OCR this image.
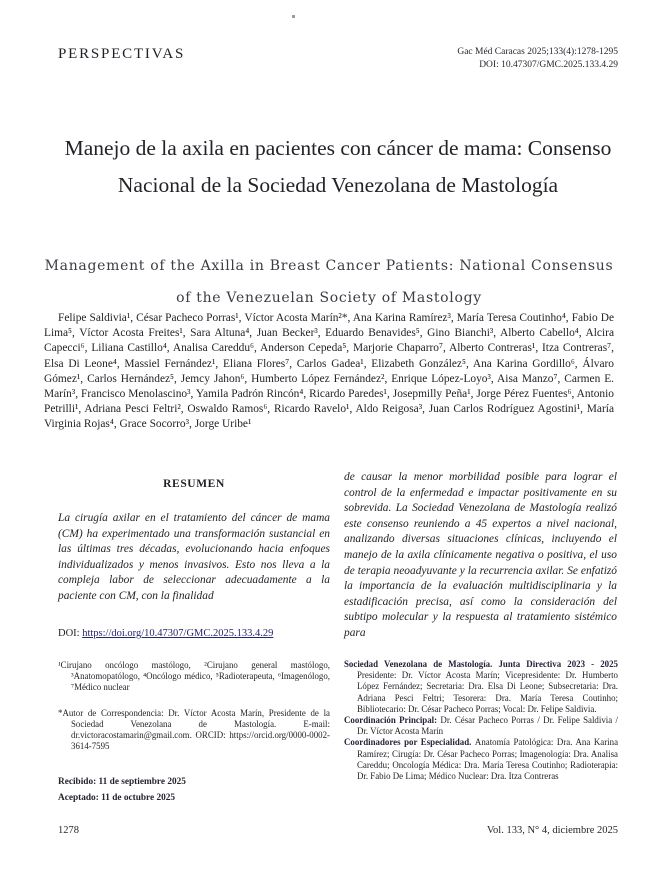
PERSPECTIVAS	Gac Méd Caracas 2025;133(4):1278-1295
DOI: 10.47307/GMC.2025.133.4.29
Manejo de la axila en pacientes con cáncer de mama: Consenso Nacional de la Sociedad Venezolana de Mastología
Management of the Axilla in Breast Cancer Patients: National Consensus of the Venezuelan Society of Mastology
Felipe Saldivia¹, César Pacheco Porras¹, Víctor Acosta Marín²*, Ana Karina Ramírez³, María Teresa Coutinho⁴, Fabio De Lima⁵, Víctor Acosta Freites¹, Sara Altuna⁴, Juan Becker³, Eduardo Benavides⁵, Gino Bianchi³, Alberto Cabello⁴, Alcira Capecci⁶, Liliana Castillo⁴, Analisa Careddu⁶, Anderson Cepeda⁵, Marjorie Chaparro⁷, Alberto Contreras¹, Itza Contreras⁷, Elsa Di Leone⁴, Massiel Fernández¹, Eliana Flores⁷, Carlos Gadea¹, Elizabeth González⁵, Ana Karina Gordillo⁶, Álvaro Gómez¹, Carlos Hernández⁵, Jemcy Jahon⁶, Humberto López Fernández², Enrique López-Loyo³, Aisa Manzo⁷, Carmen E. Marín³, Francisco Menolascino³, Yamila Padrón Rincón⁴, Ricardo Paredes¹, Josepmilly Peña¹, Jorge Pérez Fuentes⁶, Antonio Petrilli¹, Adriana Pesci Feltri², Oswaldo Ramos⁶, Ricardo Ravelo¹, Aldo Reigosa³, Juan Carlos Rodríguez Agostini¹, María Virginia Rojas⁴, Grace Socorro³, Jorge Uribe¹

RESUMEN

La cirugía axilar en el tratamiento del cáncer de mama (CM) ha experimentado una transformación sustancial en las últimas tres décadas, evolucionando hacia enfoques individualizados y menos invasivos. Esto nos lleva a la compleja labor de seleccionar adecuadamente a la paciente con CM, con la finalidad

de causar la menor morbilidad posible para lograr el control de la enfermedad e impactar positivamente en su sobrevida. La Sociedad Venezolana de Mastología realizó este consenso reuniendo a 45 expertos a nivel nacional, analizando diversas situaciones clínicas, incluyendo el manejo de la axila clínicamente negativa o positiva, el uso de terapia neoadyuvante y la recurrencia axilar. Se enfatizó la importancia de la evaluación multidisciplinaria y la estadificación precisa, así como la consideración del subtipo molecular y la respuesta al tratamiento sistémico para

DOI: https://doi.org/10.47307/GMC.2025.133.4.29

¹Cirujano oncólogo mastólogo, ²Cirujano general mastólogo, ³Anatomopatólogo, ⁴Oncólogo médico, ⁵Radioterapeuta, ⁶Imagenólogo, ⁷Médico nuclear

*Autor de Correspondencia: Dr. Víctor Acosta Marín, Presidente de la Sociedad Venezolana de Mastología. E-mail: dr.victoracostamarin@gmail.com. ORCID: https://orcid.org/0000-0002-3614-7595

Recibido: 11 de septiembre 2025
Aceptado: 11 de octubre 2025

Sociedad Venezolana de Mastología. Junta Directiva 2023 - 2025 Presidente: Dr. Víctor Acosta Marín; Vicepresidente: Dr. Humberto López Fernández; Secretaria: Dra. Elsa Di Leone; Subsecretaria: Dra. Adriana Pesci Feltri; Tesorera: Dra. María Teresa Coutinho; Bibliotecario: Dr. César Pacheco Porras; Vocal: Dr. Felipe Saldivia.

Coordinación Principal: Dr. César Pacheco Porras / Dr. Felipe Saldivia / Dr. Víctor Acosta Marín

Coordinadores por Especialidad. Anatomía Patológica: Dra. Ana Karina Ramírez; Cirugía: Dr. César Pacheco Porras; Imagenología: Dra. Analisa Careddu; Oncología Médica: Dra. María Teresa Coutinho; Radioterapia: Dr. Fabio De Lima; Médico Nuclear: Dra. Itza Contreras

1278	Vol. 133, N° 4, diciembre 2025
